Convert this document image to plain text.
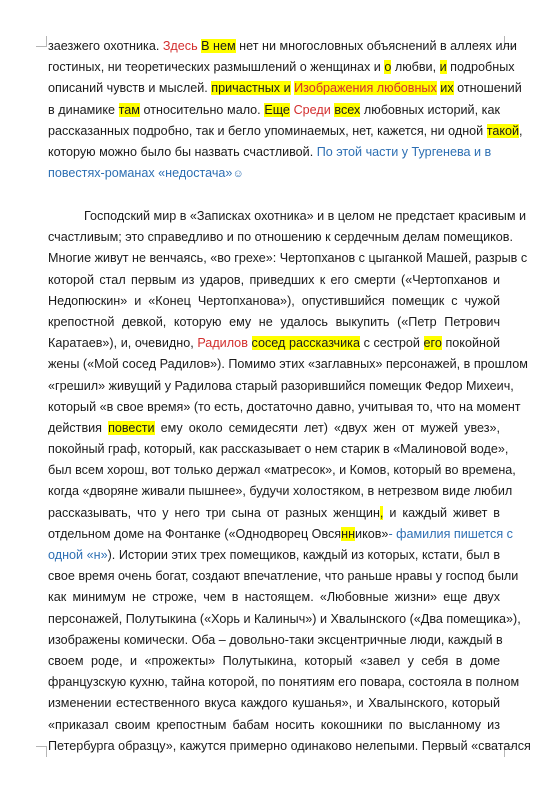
заезжего охотника. Здесь В нем нет ни многословных объяснений в аллеях или
гостиных, ни теоретических размышлений о женщинах и о любви, и подробных
описаний чувств и мыслей. причастных и Изображения любовных их отношений
в динамике там относительно мало. Еще Среди всех любовных историй, как
рассказанных подробно, так и бегло упоминаемых, нет, кажется, ни одной такой,
которую можно было бы назвать счастливой. По этой части у Тургенева и в
повестях-романах «недостача»☺
Господский мир в «Записках охотника» и в целом не предстает красивым и
счастливым; это справедливо и по отношению к сердечным делам помещиков.
Многие живут не венчаясь, «во грехе»: Чертопханов с цыганкой Машей, разрыв с
которой стал первым из ударов, приведших к его смерти («Чертопханов и
Недопюскин» и «Конец Чертопханова»), опустившийся помещик с чужой
крепостной девкой, которую ему не удалось выкупить («Петр Петрович
Каратаев»), и, очевидно, Радилов сосед рассказчика с сестрой его покойной
жены («Мой сосед Радилов»). Помимо этих «заглавных» персонажей, в прошлом
«грешил» живущий у Радилова старый разорившийся помещик Федор Михеич,
который «в свое время» (то есть, достаточно давно, учитывая то, что на момент
действия повести ему около семидесяти лет) «двух жен от мужей увез»,
покойный граф, который, как рассказывает о нем старик в «Малиновой воде»,
был всем хорош, вот только держал «матресок», и Комов, который во времена,
когда «дворяне живали пышнее», будучи холостяком, в нетрезвом виде любил
рассказывать, что у него три сына от разных женщин, и каждый живет в
отдельном доме на Фонтанке («Однодворец Овсянников»- фамилия пишется с
одной «н»). Истории этих трех помещиков, каждый из которых, кстати, был в
свое время очень богат, создают впечатление, что раньше нравы у господ были
как минимум не строже, чем в настоящем. «Любовные жизни» еще двух
персонажей, Полутыкина («Хорь и Калиныч») и Хвалынского («Два помещика»),
изображены комически. Оба – довольно-таки эксцентричные люди, каждый в
своем роде, и «прожекты» Полутыкина, который «завел у себя в доме
французскую кухню, тайна которой, по понятиям его повара, состояла в полном
изменении естественного вкуса каждого кушанья», и Хвалынского, который
«приказал своим крепостным бабам носить кокошники по высланному из
Петербурга образцу», кажутся примерно одинаково нелепыми. Первый «сватался
